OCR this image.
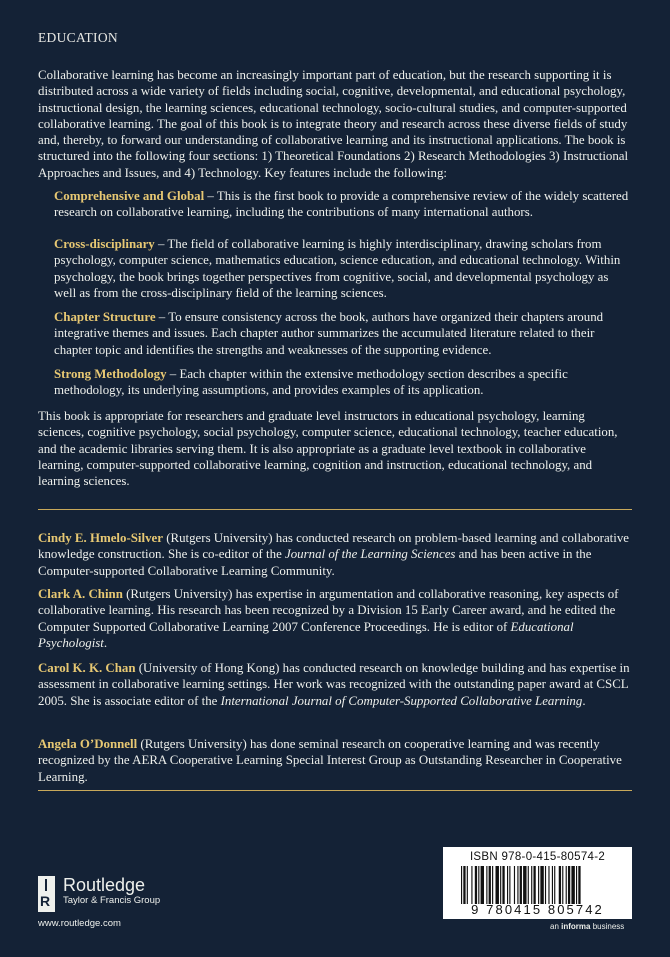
EDUCATION
Collaborative learning has become an increasingly important part of education, but the research supporting it is distributed across a wide variety of fields including social, cognitive, developmental, and educational psychology, instructional design, the learning sciences, educational technology, socio-cultural studies, and computer-supported collaborative learning. The goal of this book is to integrate theory and research across these diverse fields of study and, thereby, to forward our understanding of collaborative learning and its instructional applications. The book is structured into the following four sections: 1) Theoretical Foundations 2) Research Methodologies 3) Instructional Approaches and Issues, and 4) Technology. Key features include the following:
Comprehensive and Global – This is the first book to provide a comprehensive review of the widely scattered research on collaborative learning, including the contributions of many international authors.
Cross-disciplinary – The field of collaborative learning is highly interdisciplinary, drawing scholars from psychology, computer science, mathematics education, science education, and educational technology. Within psychology, the book brings together perspectives from cognitive, social, and developmental psychology as well as from the cross-disciplinary field of the learning sciences.
Chapter Structure – To ensure consistency across the book, authors have organized their chapters around integrative themes and issues. Each chapter author summarizes the accumulated literature related to their chapter topic and identifies the strengths and weaknesses of the supporting evidence.
Strong Methodology – Each chapter within the extensive methodology section describes a specific methodology, its underlying assumptions, and provides examples of its application.
This book is appropriate for researchers and graduate level instructors in educational psychology, learning sciences, cognitive psychology, social psychology, computer science, educational technology, teacher education, and the academic libraries serving them. It is also appropriate as a graduate level textbook in collaborative learning, computer-supported collaborative learning, cognition and instruction, educational technology, and learning sciences.
Cindy E. Hmelo-Silver (Rutgers University) has conducted research on problem-based learning and collaborative knowledge construction. She is co-editor of the Journal of the Learning Sciences and has been active in the Computer-supported Collaborative Learning Community.
Clark A. Chinn (Rutgers University) has expertise in argumentation and collaborative reasoning, key aspects of collaborative learning. His research has been recognized by a Division 15 Early Career award, and he edited the Computer Supported Collaborative Learning 2007 Conference Proceedings. He is editor of Educational Psychologist.
Carol K. K. Chan (University of Hong Kong) has conducted research on knowledge building and has expertise in assessment in collaborative learning settings. Her work was recognized with the outstanding paper award at CSCL 2005. She is associate editor of the International Journal of Computer-Supported Collaborative Learning.
Angela O’Donnell (Rutgers University) has done seminal research on cooperative learning and was recently recognized by the AERA Cooperative Learning Special Interest Group as Outstanding Researcher in Cooperative Learning.
R
Routledge
Taylor & Francis Group
www.routledge.com
ISBN 978-0-415-80574-2
9 780415 805742
an informa business
